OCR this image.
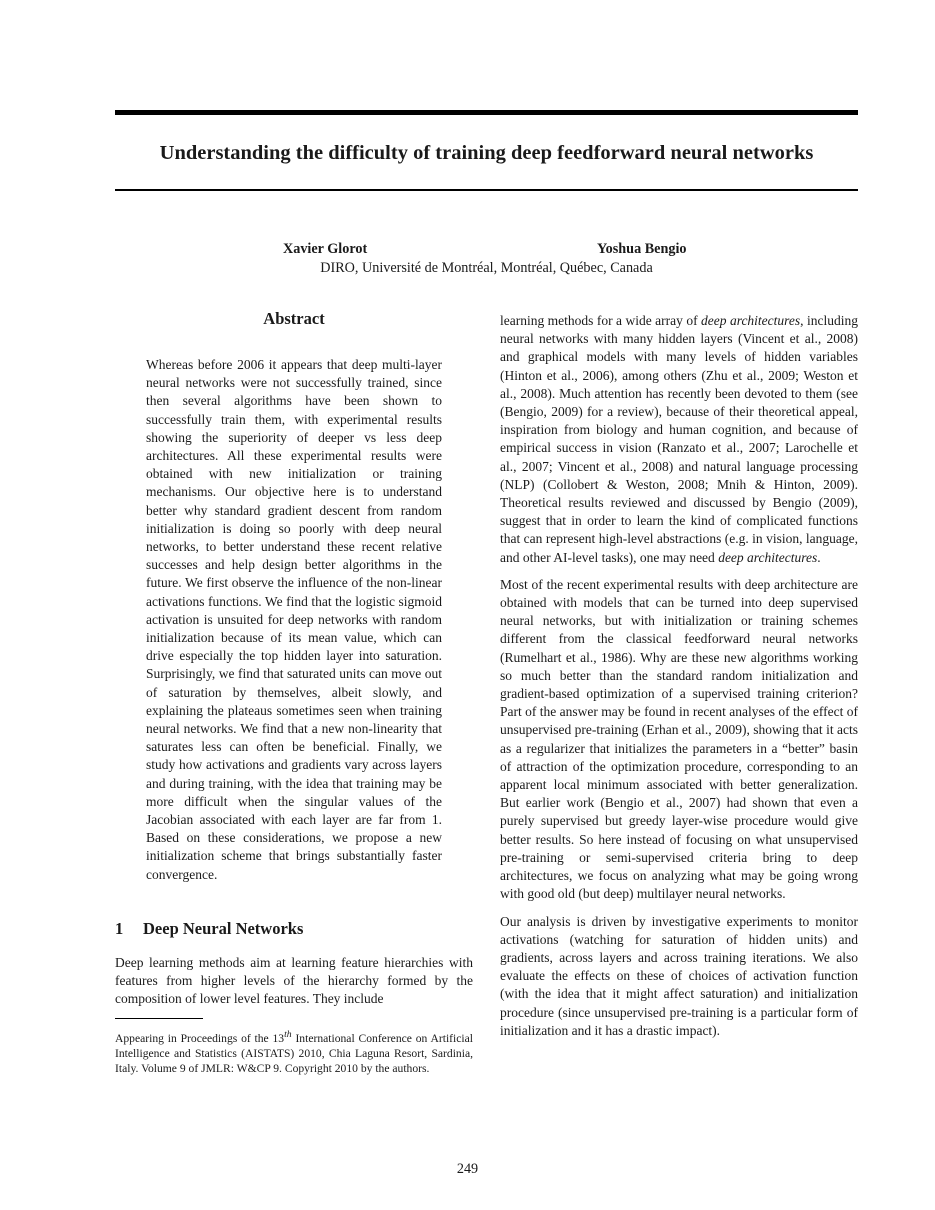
Understanding the difficulty of training deep feedforward neural networks
Xavier Glorot	Yoshua Bengio
DIRO, Université de Montréal, Montréal, Québec, Canada
Abstract

Whereas before 2006 it appears that deep multi-layer neural networks were not successfully trained, since then several algorithms have been shown to successfully train them, with experimental results showing the superiority of deeper vs less deep architectures. All these experimental results were obtained with new initialization or training mechanisms. Our objective here is to understand better why standard gradient descent from random initialization is doing so poorly with deep neural networks, to better understand these recent relative successes and help design better algorithms in the future. We first observe the influence of the non-linear activations functions. We find that the logistic sigmoid activation is unsuited for deep networks with random initialization because of its mean value, which can drive especially the top hidden layer into saturation. Surprisingly, we find that saturated units can move out of saturation by themselves, albeit slowly, and explaining the plateaus sometimes seen when training neural networks. We find that a new non-linearity that saturates less can often be beneficial. Finally, we study how activations and gradients vary across layers and during training, with the idea that training may be more difficult when the singular values of the Jacobian associated with each layer are far from 1. Based on these considerations, we propose a new initialization scheme that brings substantially faster convergence.

1 Deep Neural Networks

Deep learning methods aim at learning feature hierarchies with features from higher levels of the hierarchy formed by the composition of lower level features. They include

Appearing in Proceedings of the 13th International Conference on Artificial Intelligence and Statistics (AISTATS) 2010, Chia Laguna Resort, Sardinia, Italy. Volume 9 of JMLR: W&CP 9. Copyright 2010 by the authors.

learning methods for a wide array of deep architectures, including neural networks with many hidden layers (Vincent et al., 2008) and graphical models with many levels of hidden variables (Hinton et al., 2006), among others (Zhu et al., 2009; Weston et al., 2008). Much attention has recently been devoted to them (see (Bengio, 2009) for a review), because of their theoretical appeal, inspiration from biology and human cognition, and because of empirical success in vision (Ranzato et al., 2007; Larochelle et al., 2007; Vincent et al., 2008) and natural language processing (NLP) (Collobert & Weston, 2008; Mnih & Hinton, 2009). Theoretical results reviewed and discussed by Bengio (2009), suggest that in order to learn the kind of complicated functions that can represent high-level abstractions (e.g. in vision, language, and other AI-level tasks), one may need deep architectures.

Most of the recent experimental results with deep architecture are obtained with models that can be turned into deep supervised neural networks, but with initialization or training schemes different from the classical feedforward neural networks (Rumelhart et al., 1986). Why are these new algorithms working so much better than the standard random initialization and gradient-based optimization of a supervised training criterion? Part of the answer may be found in recent analyses of the effect of unsupervised pre-training (Erhan et al., 2009), showing that it acts as a regularizer that initializes the parameters in a “better” basin of attraction of the optimization procedure, corresponding to an apparent local minimum associated with better generalization. But earlier work (Bengio et al., 2007) had shown that even a purely supervised but greedy layer-wise procedure would give better results. So here instead of focusing on what unsupervised pre-training or semi-supervised criteria bring to deep architectures, we focus on analyzing what may be going wrong with good old (but deep) multilayer neural networks.

Our analysis is driven by investigative experiments to monitor activations (watching for saturation of hidden units) and gradients, across layers and across training iterations. We also evaluate the effects on these of choices of activation function (with the idea that it might affect saturation) and initialization procedure (since unsupervised pre-training is a particular form of initialization and it has a drastic impact).

249
